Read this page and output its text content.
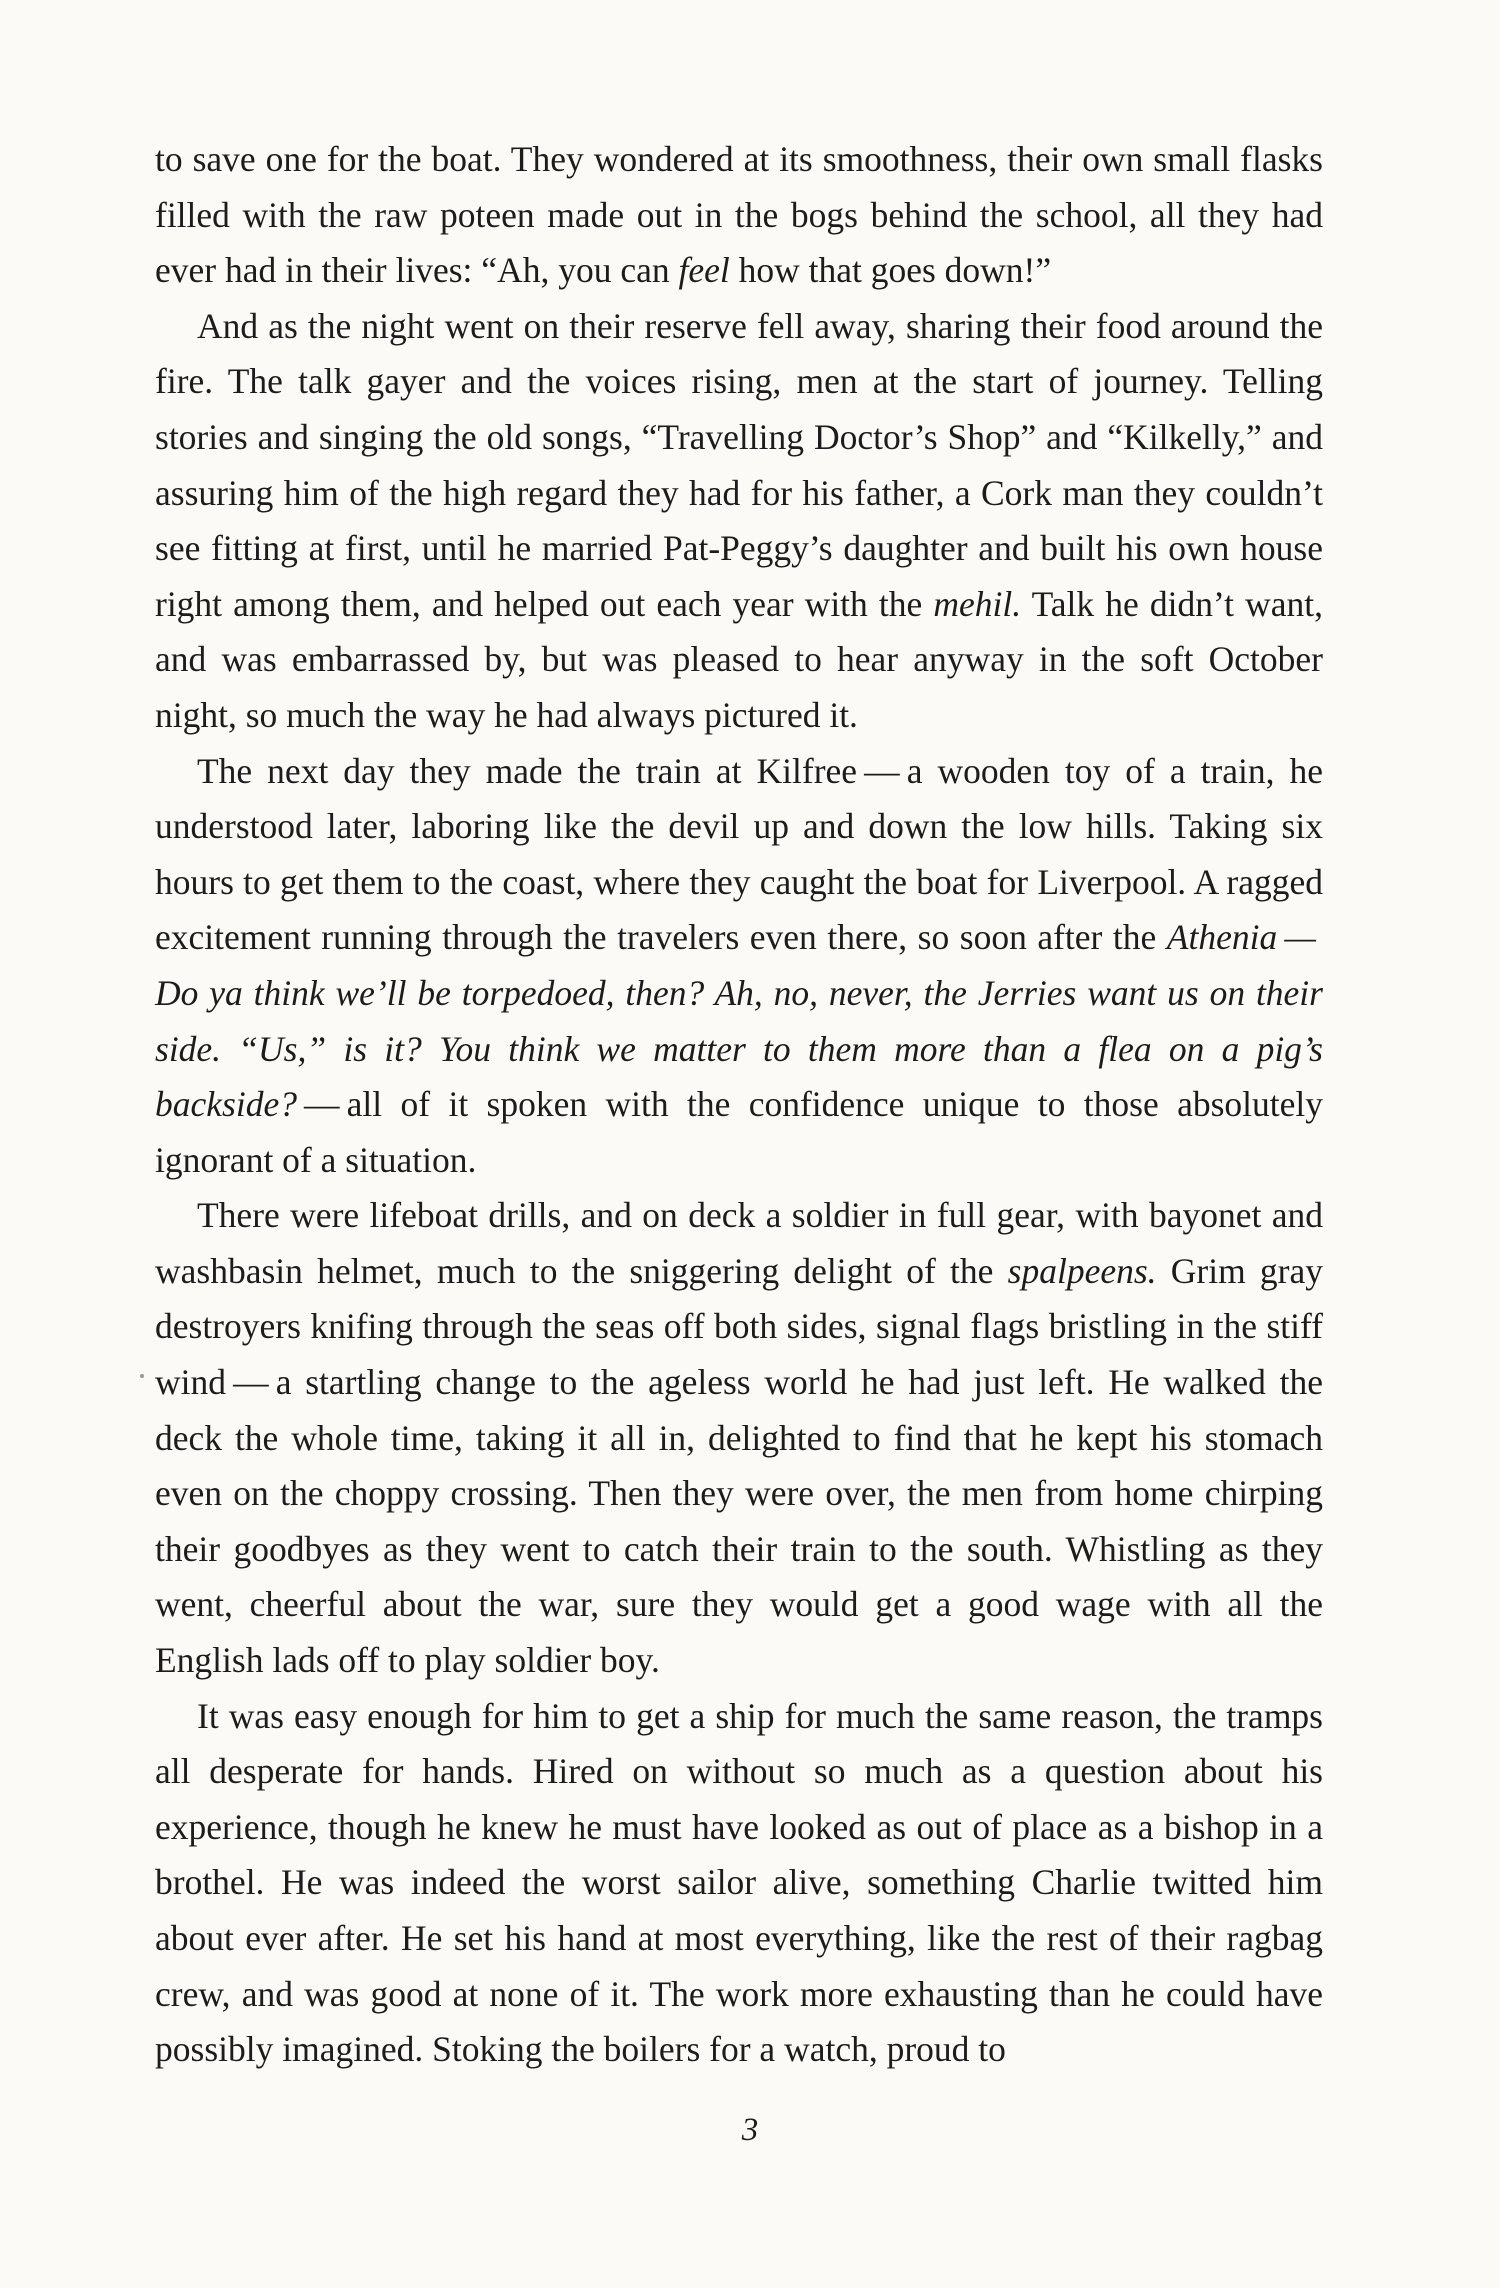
to save one for the boat. They wondered at its smoothness, their own small flasks filled with the raw poteen made out in the bogs behind the school, all they had ever had in their lives: “Ah, you can feel how that goes down!”

And as the night went on their reserve fell away, sharing their food around the fire. The talk gayer and the voices rising, men at the start of journey. Telling stories and singing the old songs, “Travelling Doctor’s Shop” and “Kilkelly,” and assuring him of the high regard they had for his father, a Cork man they couldn’t see fitting at first, until he married Pat-Peggy’s daughter and built his own house right among them, and helped out each year with the mehil. Talk he didn’t want, and was embarrassed by, but was pleased to hear anyway in the soft October night, so much the way he had always pictured it.

The next day they made the train at Kilfree — a wooden toy of a train, he understood later, laboring like the devil up and down the low hills. Taking six hours to get them to the coast, where they caught the boat for Liverpool. A ragged excitement running through the travelers even there, so soon after the Athenia — Do ya think we’ll be torpedoed, then? Ah, no, never, the Jerries want us on their side. “Us,” is it? You think we matter to them more than a flea on a pig’s backside? — all of it spoken with the confidence unique to those absolutely ignorant of a situation.

There were lifeboat drills, and on deck a soldier in full gear, with bayonet and washbasin helmet, much to the sniggering delight of the spalpeens. Grim gray destroyers knifing through the seas off both sides, signal flags bristling in the stiff wind — a startling change to the ageless world he had just left. He walked the deck the whole time, taking it all in, delighted to find that he kept his stomach even on the choppy crossing. Then they were over, the men from home chirping their goodbyes as they went to catch their train to the south. Whistling as they went, cheerful about the war, sure they would get a good wage with all the English lads off to play soldier boy.

It was easy enough for him to get a ship for much the same reason, the tramps all desperate for hands. Hired on without so much as a question about his experience, though he knew he must have looked as out of place as a bishop in a brothel. He was indeed the worst sailor alive, something Charlie twitted him about ever after. He set his hand at most everything, like the rest of their ragbag crew, and was good at none of it. The work more exhausting than he could have possibly imagined. Stoking the boilers for a watch, proud to

3
